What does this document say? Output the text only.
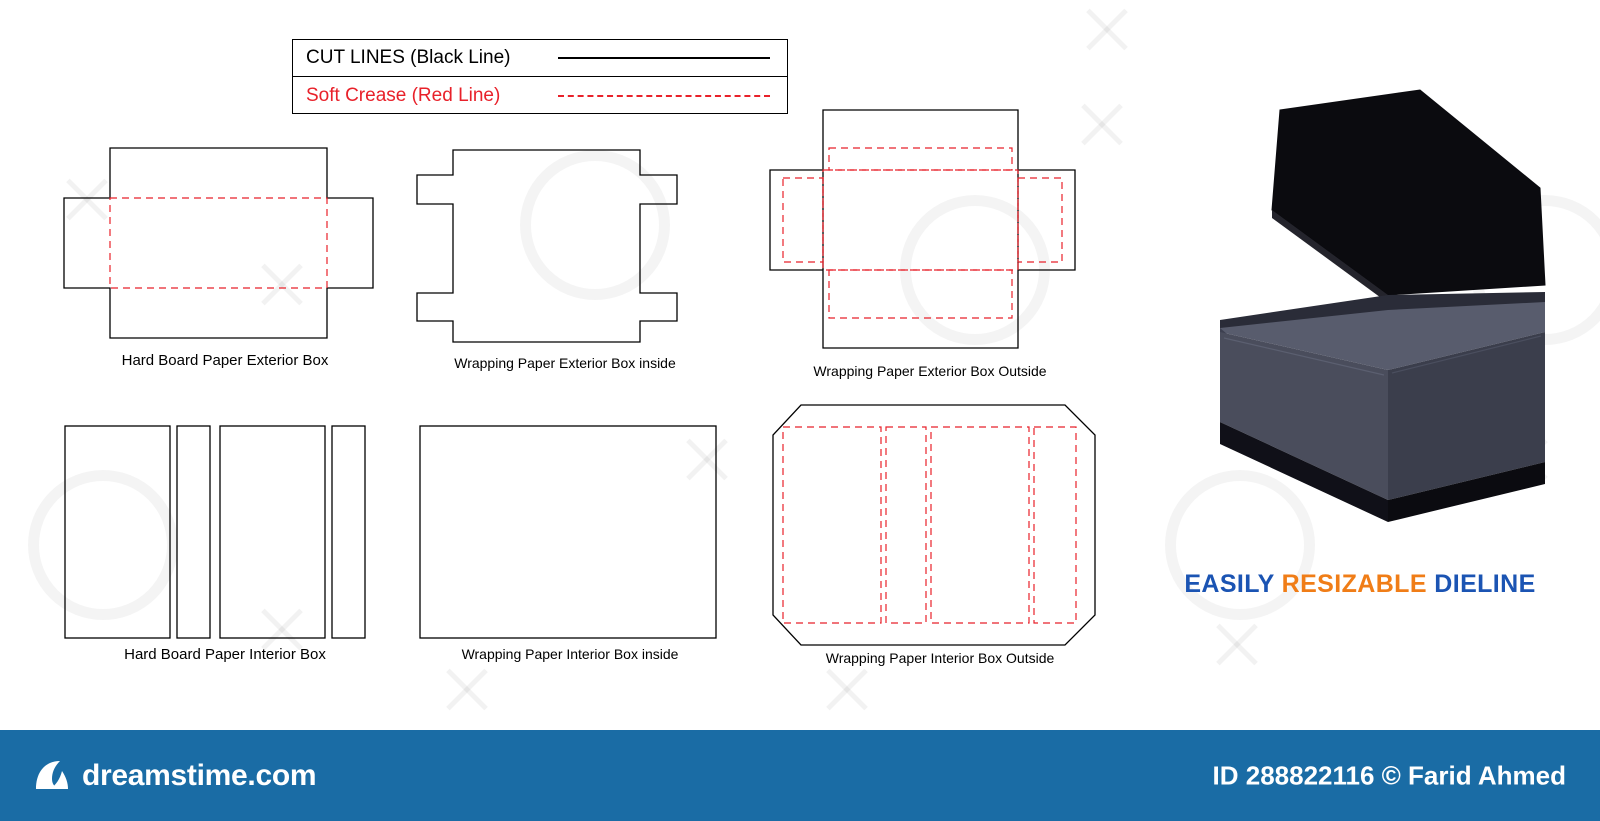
CUT LINES (Black Line)
Soft Crease (Red Line)
Hard Board Paper Exterior Box	Wrapping Paper Exterior Box inside	Wrapping Paper Exterior Box Outside
Hard Board Paper Interior Box	Wrapping Paper Interior Box inside	Wrapping Paper Interior Box Outside
EASILY RESIZABLE DIELINE
dreamstime.com	ID 288822116 © Farid Ahmed
